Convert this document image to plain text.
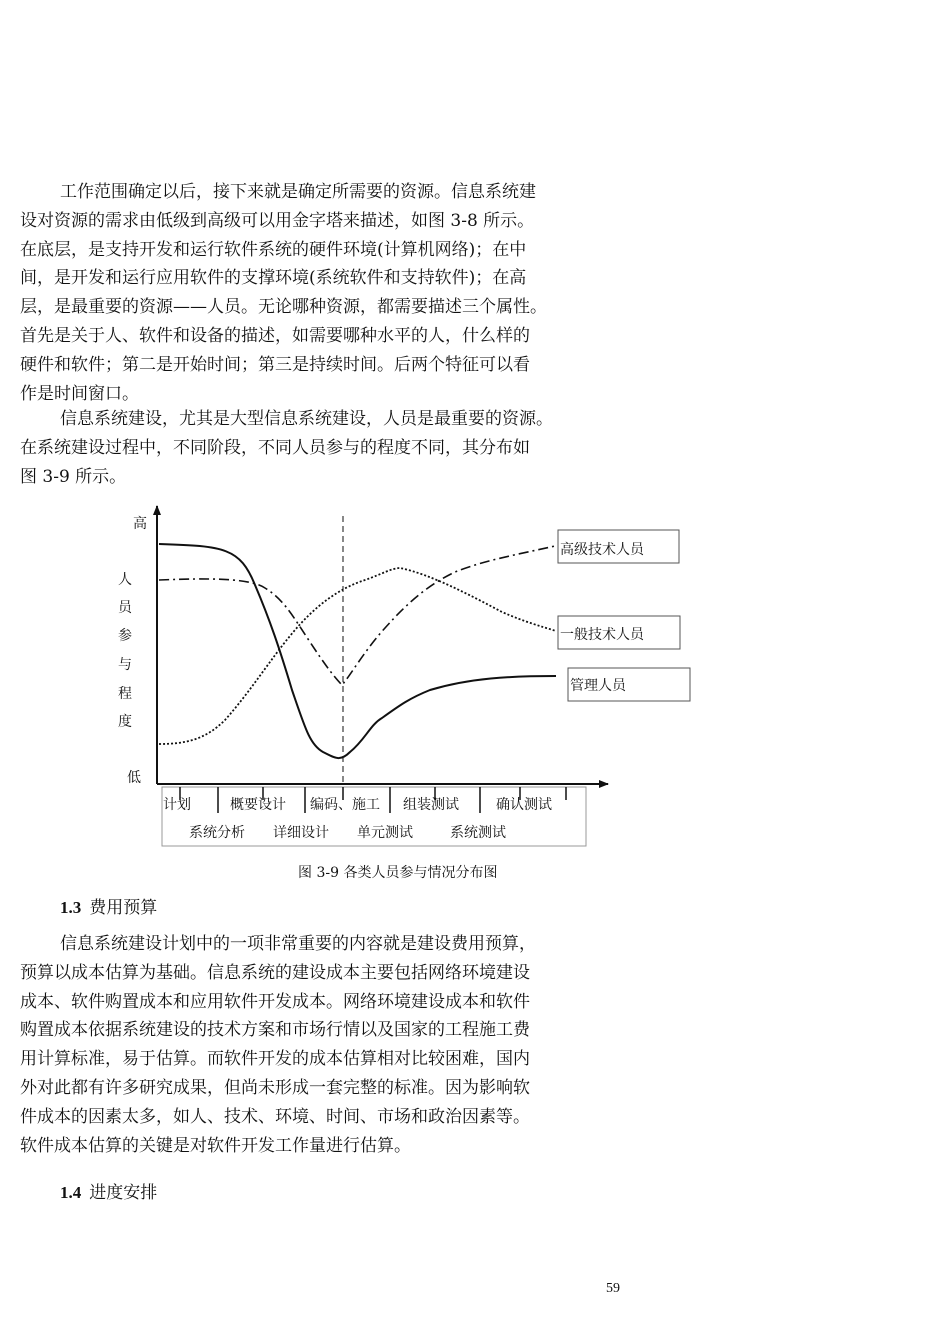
工作范围确定以后，接下来就是确定所需要的资源。信息系统建
设对资源的需求由低级到高级可以用金字塔来描述，如图 3-8 所示。
在底层，是支持开发和运行软件系统的硬件环境(计算机网络)；在中
间，是开发和运行应用软件的支撑环境(系统软件和支持软件)；在高
层，是最重要的资源——人员。无论哪种资源，都需要描述三个属性。
首先是关于人、软件和设备的描述，如需要哪种水平的人，什么样的
硬件和软件；第二是开始时间；第三是持续时间。后两个特征可以看
作是时间窗口。
信息系统建设，尤其是大型信息系统建设，人员是最重要的资源。
在系统建设过程中，不同阶段，不同人员参与的程度不同，其分布如
图 3-9 所示。
高
人
员
参
与
程
度
低
高级技术人员
一般技术人员
管理人员
计划	概要设计 编码、施工 组装测试	确认测试
系统分析 详细设计 单元测试	系统测试
图 3-9 各类人员参与情况分布图
1.3 费用预算
信息系统建设计划中的一项非常重要的内容就是建设费用预算，
预算以成本估算为基础。信息系统的建设成本主要包括网络环境建设
成本、软件购置成本和应用软件开发成本。网络环境建设成本和软件
购置成本依据系统建设的技术方案和市场行情以及国家的工程施工费
用计算标准，易于估算。而软件开发的成本估算相对比较困难，国内
外对此都有许多研究成果，但尚未形成一套完整的标准。因为影响软
件成本的因素太多，如人、技术、环境、时间、市场和政治因素等。
软件成本估算的关键是对软件开发工作量进行估算。
1.4 进度安排
59
